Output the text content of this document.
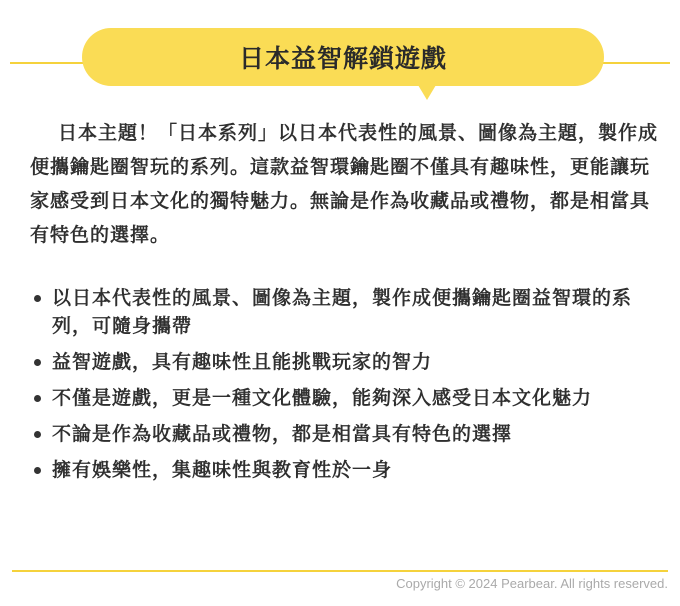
日本益智解鎖遊戲

日本主題！「日本系列」以日本代表性的風景、圖像為主題，製作成便攜鑰匙圈智玩的系列。這款益智環鑰匙圈不僅具有趣味性，更能讓玩家感受到日本文化的獨特魅力。無論是作為收藏品或禮物，都是相當具有特色的選擇。

以日本代表性的風景、圖像為主題，製作成便攜鑰匙圈益智環的系列，可隨身攜帶
益智遊戲，具有趣味性且能挑戰玩家的智力
不僅是遊戲，更是一種文化體驗，能夠深入感受日本文化魅力
不論是作為收藏品或禮物，都是相當具有特色的選擇
擁有娛樂性，集趣味性與教育性於一身
Copyright © 2024 Pearbear. All rights reserved.
